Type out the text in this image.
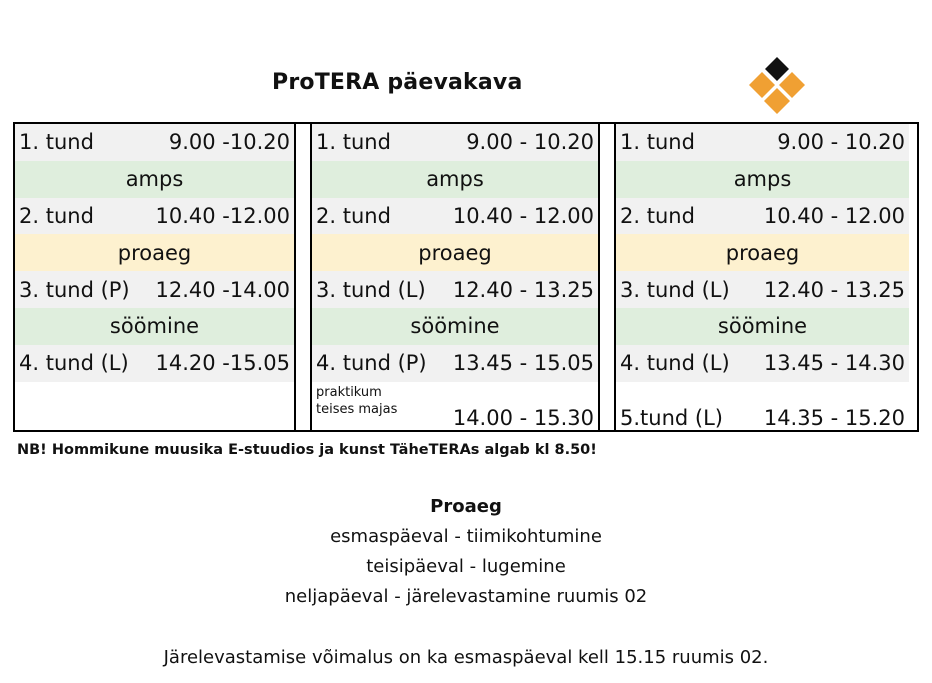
ProTERA päevakava
1. tund	9.00 -10.20
amps
2. tund	10.40 -12.00
proaeg
3. tund (P) 12.40 -14.00
söömine
4. tund (L) 14.20 -15.05
1. tund	9.00 - 10.20
amps
2. tund	10.40 - 12.00
proaeg
3. tund (L) 12.40 - 13.25
söömine
4. tund (P) 13.45 - 15.05
praktikum
teises majas	14.00 - 15.30
1. tund	9.00 - 10.20
amps
2. tund	10.40 - 12.00
proaeg
3. tund (L) 12.40 - 13.25
söömine
4. tund (L) 13.45 - 14.30
5.tund (L) 14.35 - 15.20
NB! Hommikune muusika E-stuudios ja kunst TäheTERAs algab kl 8.50!
Proaeg
esmaspäeval - tiimikohtumine
teisipäeval - lugemine
neljapäeval - järelevastamine ruumis 02
Järelevastamise võimalus on ka esmaspäeval kell 15.15 ruumis 02.
